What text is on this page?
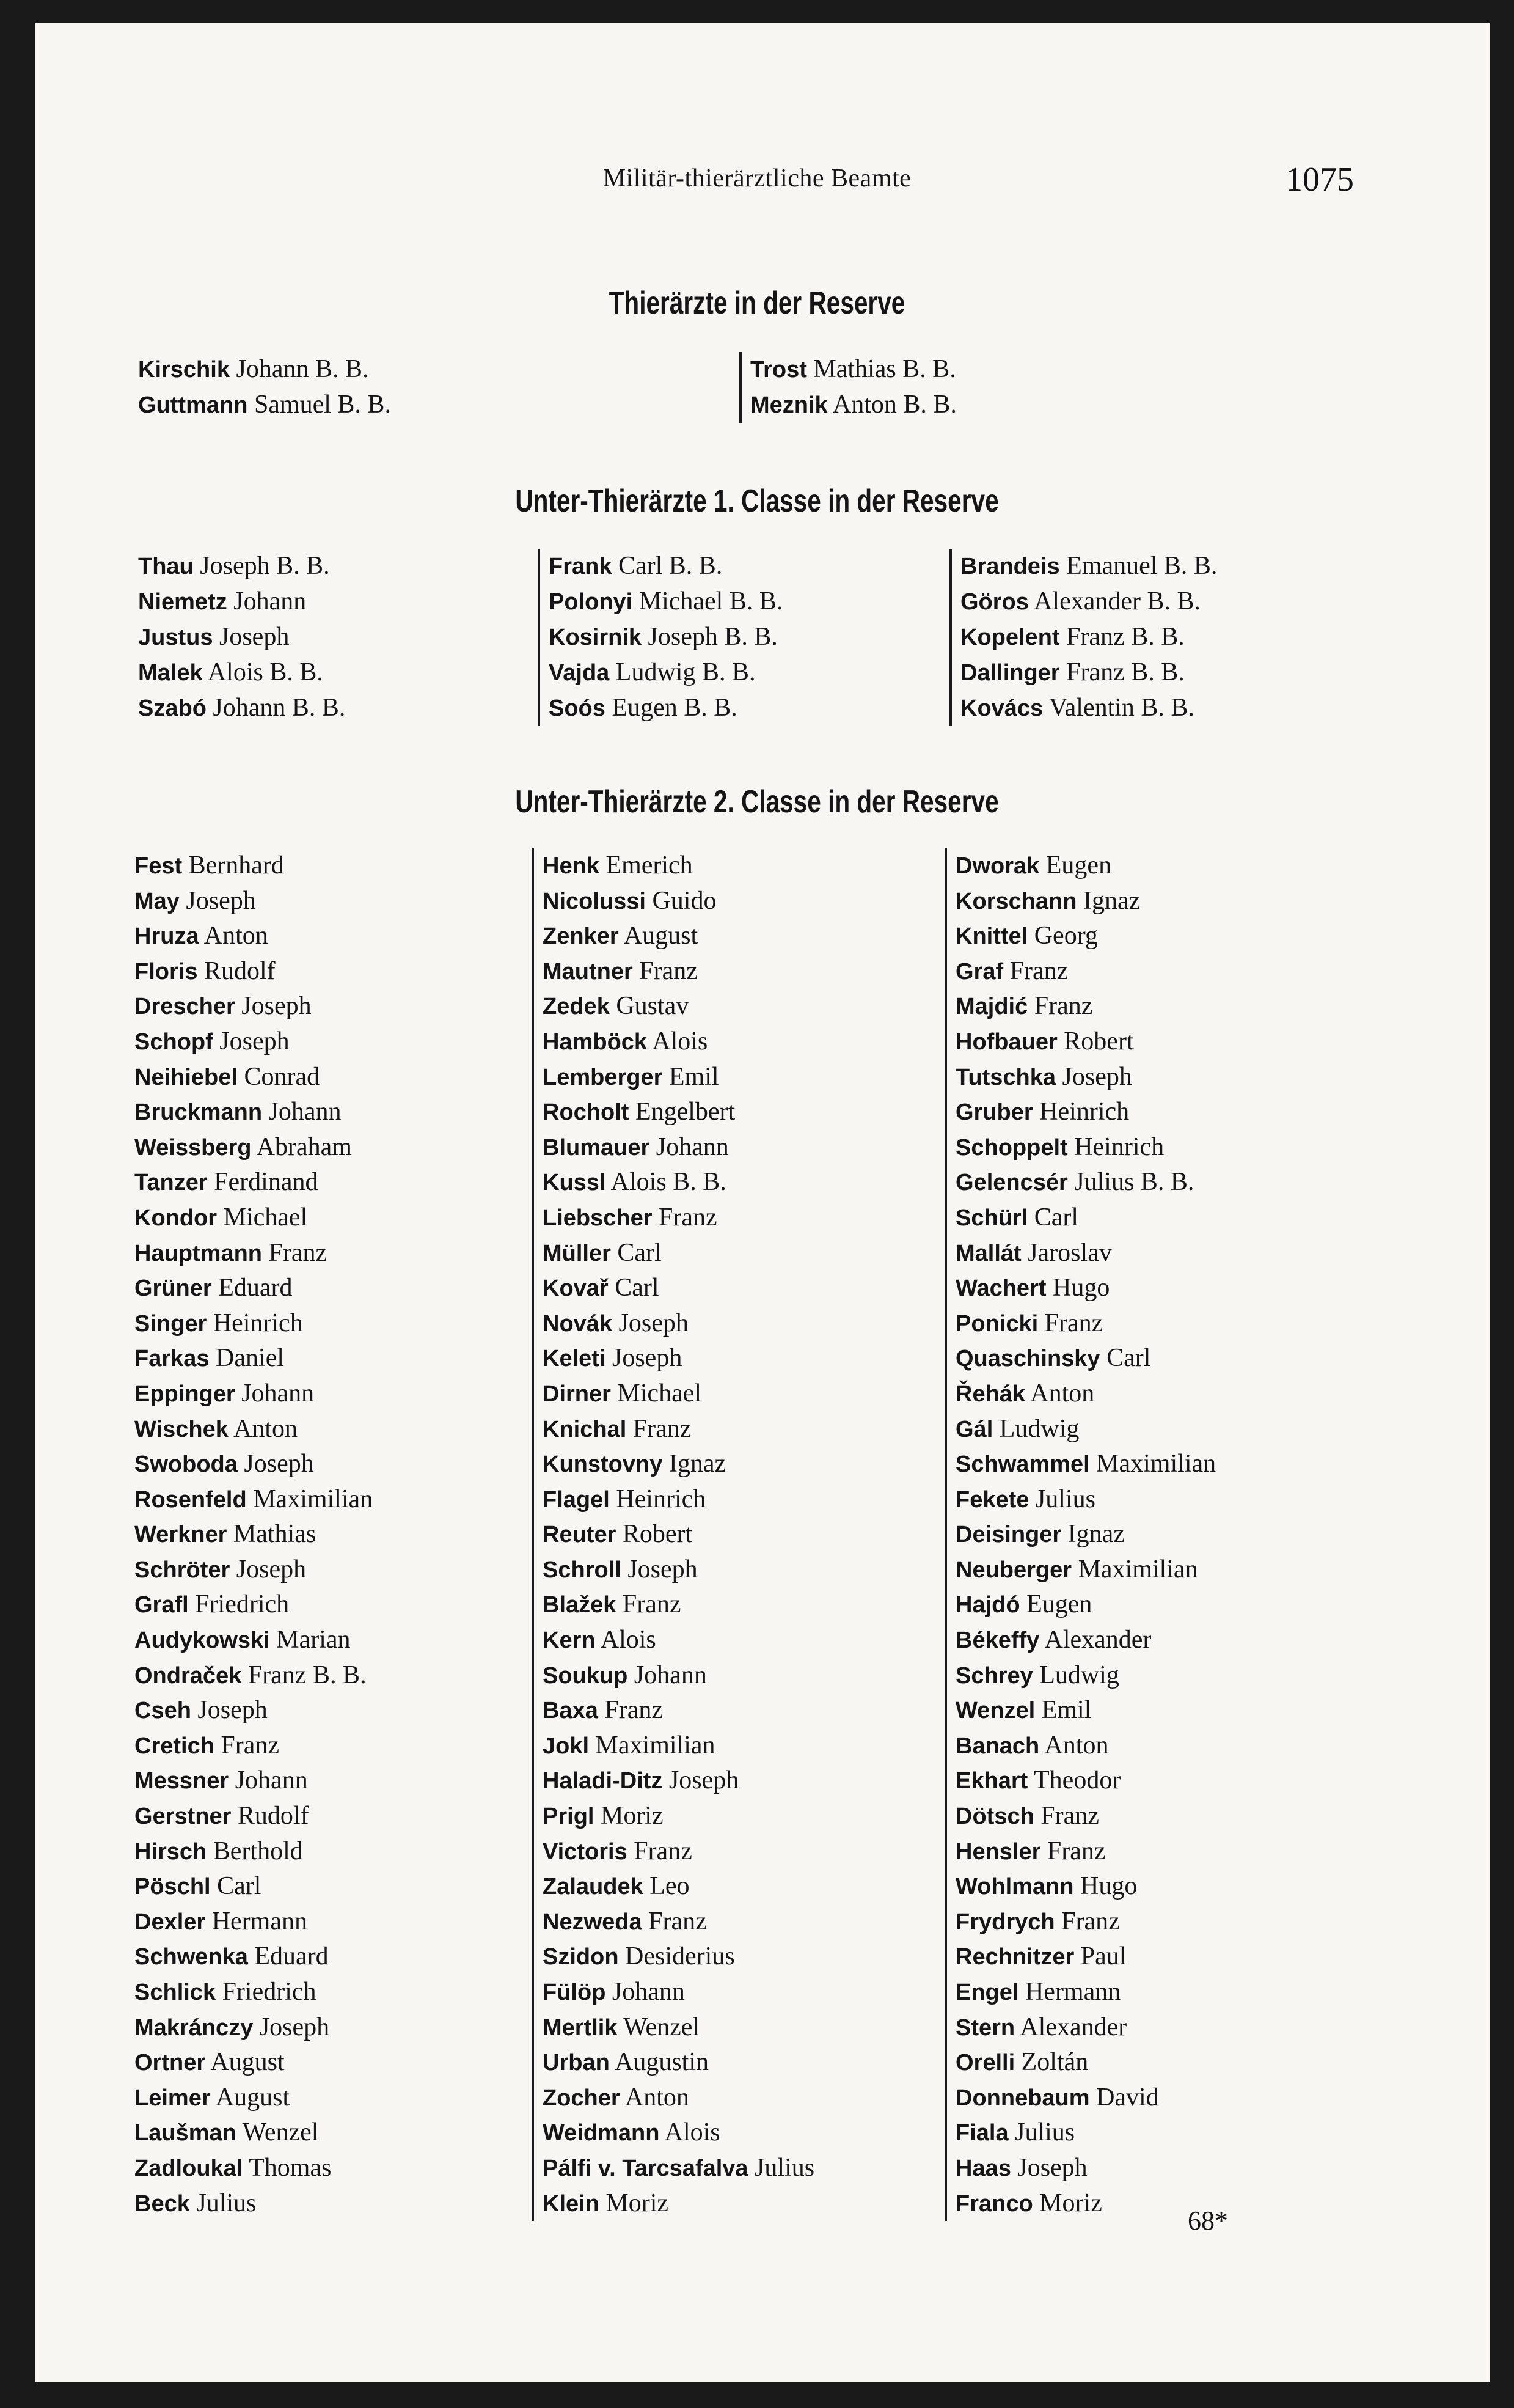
Militär-thierärztliche Beamte	1075
Thierärzte in der Reserve
Kirschik Johann B. B.
Guttmann Samuel B. B.
Trost Mathias B. B.
Meznik Anton B. B.
Unter-Thierärzte 1. Classe in der Reserve
Thau Joseph B. B.
Niemetz Johann
Justus Joseph
Malek Alois B. B.
Szabó Johann B. B.
Frank Carl B. B.
Polonyi Michael B. B.
Kosirnik Joseph B. B.
Vajda Ludwig B. B.
Soós Eugen B. B.
Brandeis Emanuel B. B.
Göros Alexander B. B.
Kopelent Franz B. B.
Dallinger Franz B. B.
Kovács Valentin B. B.
Unter-Thierärzte 2. Classe in der Reserve
Fest Bernhard
May Joseph
Hruza Anton
Floris Rudolf
Drescher Joseph
Schopf Joseph
Neihiebel Conrad
Bruckmann Johann
Weissberg Abraham
Tanzer Ferdinand
Kondor Michael
Hauptmann Franz
Grüner Eduard
Singer Heinrich
Farkas Daniel
Eppinger Johann
Wischek Anton
Swoboda Joseph
Rosenfeld Maximilian
Werkner Mathias
Schröter Joseph
Grafl Friedrich
Audykowski Marian
Ondraček Franz B. B.
Cseh Joseph
Cretich Franz
Messner Johann
Gerstner Rudolf
Hirsch Berthold
Pöschl Carl
Dexler Hermann
Schwenka Eduard
Schlick Friedrich
Makránczy Joseph
Ortner August
Leimer August
Laušman Wenzel
Zadloukal Thomas
Beck Julius
Henk Emerich
Nicolussi Guido
Zenker August
Mautner Franz
Zedek Gustav
Hamböck Alois
Lemberger Emil
Rocholt Engelbert
Blumauer Johann
Kussl Alois B. B.
Liebscher Franz
Müller Carl
Kovař Carl
Novák Joseph
Keleti Joseph
Dirner Michael
Knichal Franz
Kunstovny Ignaz
Flagel Heinrich
Reuter Robert
Schroll Joseph
Blažek Franz
Kern Alois
Soukup Johann
Baxa Franz
Jokl Maximilian
Haladi-Ditz Joseph
Prigl Moriz
Victoris Franz
Zalaudek Leo
Nezweda Franz
Szidon Desiderius
Fülöp Johann
Mertlik Wenzel
Urban Augustin
Zocher Anton
Weidmann Alois
Pálfi v. Tarcsafalva Julius
Klein Moriz
Dworak Eugen
Korschann Ignaz
Knittel Georg
Graf Franz
Majdić Franz
Hofbauer Robert
Tutschka Joseph
Gruber Heinrich
Schoppelt Heinrich
Gelencsér Julius B. B.
Schürl Carl
Mallát Jaroslav
Wachert Hugo
Ponicki Franz
Quaschinsky Carl
Řehák Anton
Gál Ludwig
Schwammel Maximilian
Fekete Julius
Deisinger Ignaz
Neuberger Maximilian
Hajdó Eugen
Békeffy Alexander
Schrey Ludwig
Wenzel Emil
Banach Anton
Ekhart Theodor
Dötsch Franz
Hensler Franz
Wohlmann Hugo
Frydrych Franz
Rechnitzer Paul
Engel Hermann
Stern Alexander
Orelli Zoltán
Donnebaum David
Fiala Julius
Haas Joseph
Franco Moriz
68*
